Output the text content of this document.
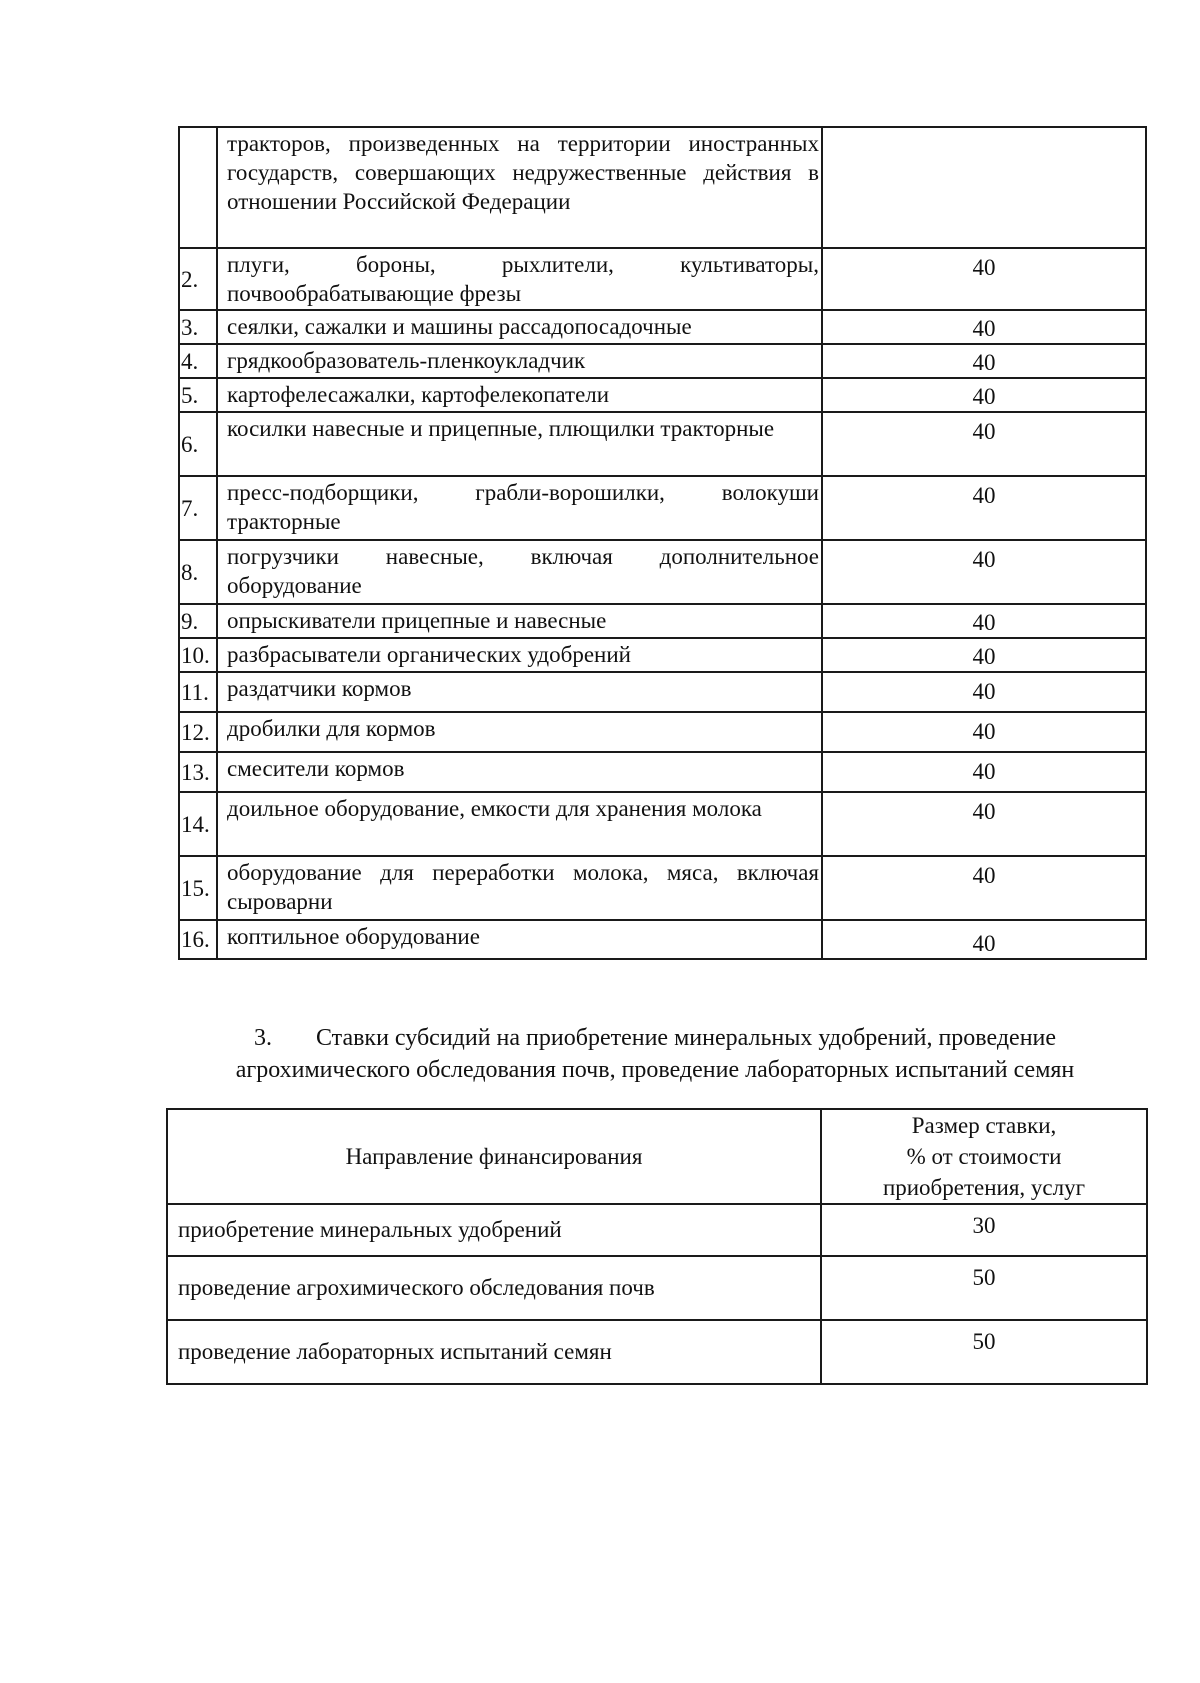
	тракторов, произведенных на территории иностранных государств, совершающих недружественные действия в отношении Российской Федерации	
2.	плуги, бороны, рыхлители, культиваторы, почвообрабатывающие фрезы	40
3.	сеялки, сажалки и машины рассадопосадочные	40
4.	грядкообразователь-пленкоукладчик	40
5.	картофелесажалки, картофелекопатели	40
6.	косилки навесные и прицепные, плющилки тракторные	40
7.	пресс-подборщики, грабли-ворошилки, волокуши тракторные	40
8.	погрузчики навесные, включая дополнительное оборудование	40
9.	опрыскиватели прицепные и навесные	40
10.	разбрасыватели органических удобрений	40
11.	раздатчики кормов	40
12.	дробилки для кормов	40
13.	смесители кормов	40
14.	доильное оборудование, емкости для хранения молока	40
15.	оборудование для переработки молока, мяса, включая сыроварни	40
16.	коптильное оборудование	40
3. Ставки субсидий на приобретение минеральных удобрений, проведение
агрохимического обследования почв, проведение лабораторных испытаний семян
Направление финансирования	Размер ставки,
% от стоимости
приобретения, услуг
приобретение минеральных удобрений	30
проведение агрохимического обследования почв	50
проведение лабораторных испытаний семян	50
